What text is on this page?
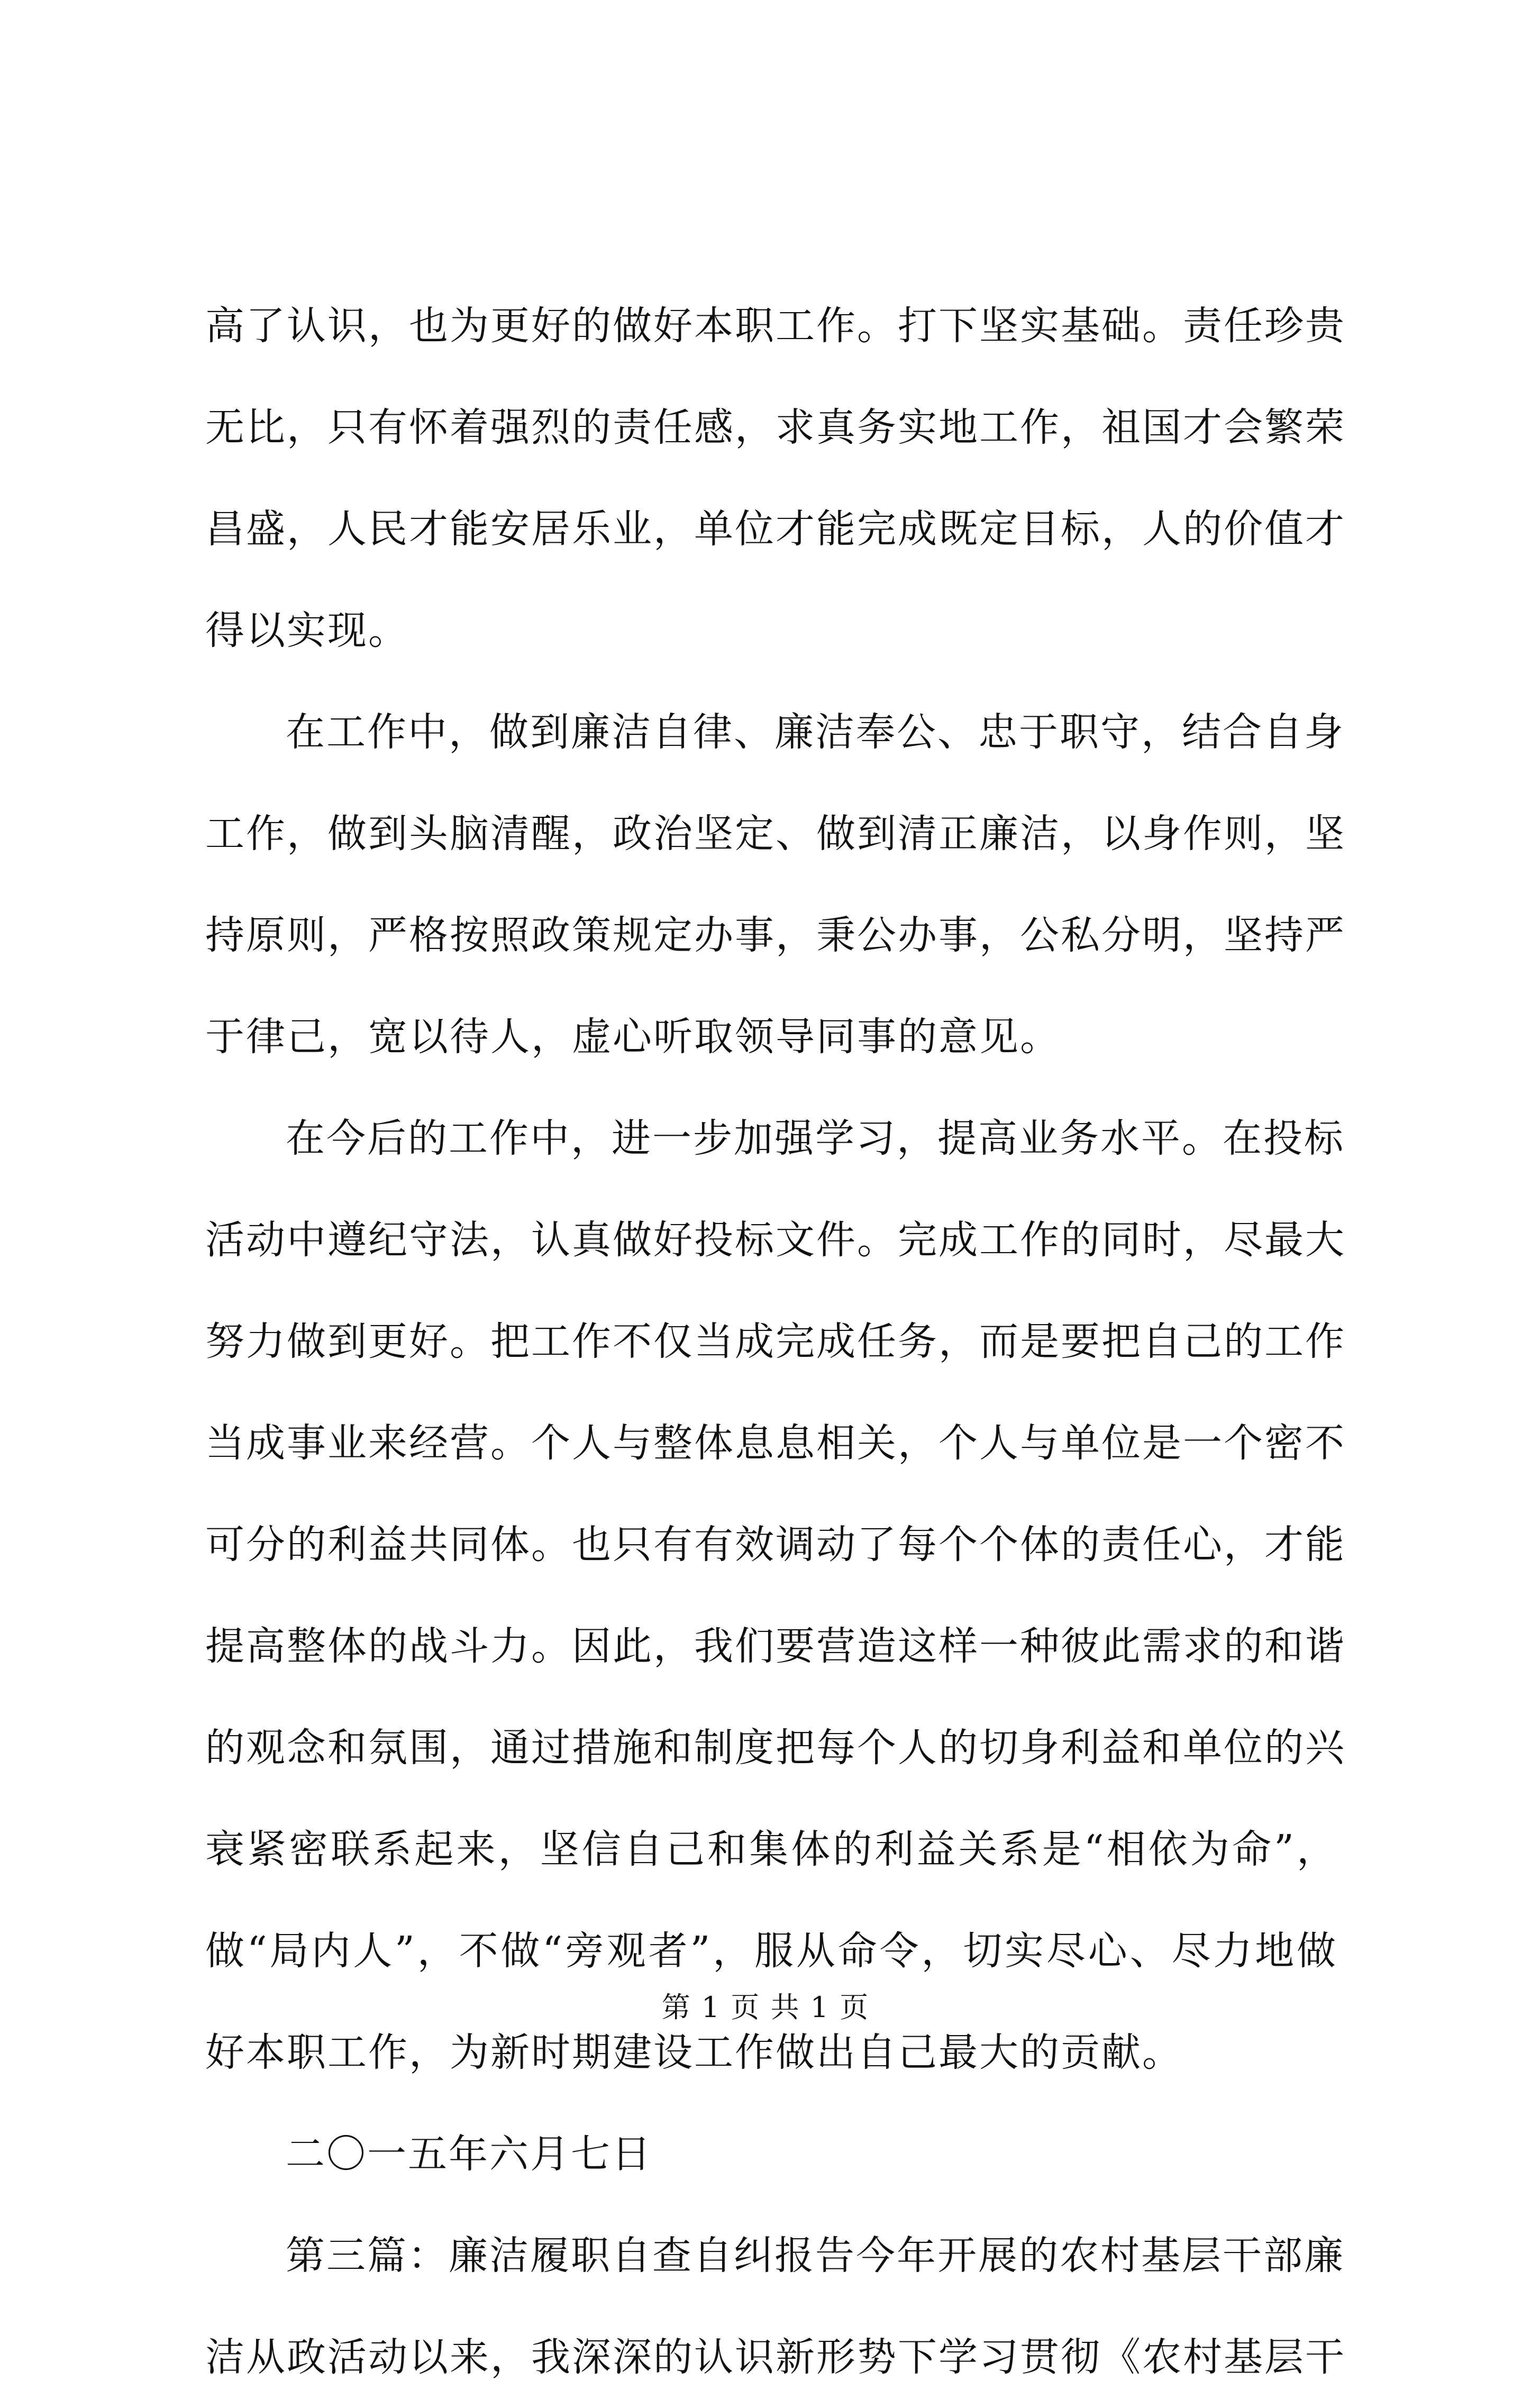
高了认识，也为更好的做好本职工作。打下坚实基础。责任珍贵
无比，只有怀着强烈的责任感，求真务实地工作，祖国才会繁荣
昌盛，人民才能安居乐业，单位才能完成既定目标，人的价值才
得以实现。
在工作中，做到廉洁自律、廉洁奉公、忠于职守，结合自身
工作，做到头脑清醒，政治坚定、做到清正廉洁，以身作则，坚
持原则，严格按照政策规定办事，秉公办事，公私分明，坚持严
于律己，宽以待人，虚心听取领导同事的意见。
在今后的工作中，进一步加强学习，提高业务水平。在投标
活动中遵纪守法，认真做好投标文件。完成工作的同时，尽最大
努力做到更好。把工作不仅当成完成任务，而是要把自己的工作
当成事业来经营。个人与整体息息相关，个人与单位是一个密不
可分的利益共同体。也只有有效调动了每个个体的责任心，才能
提高整体的战斗力。因此，我们要营造这样一种彼此需求的和谐
的观念和氛围，通过措施和制度把每个人的切身利益和单位的兴
衰紧密联系起来，坚信自己和集体的利益关系是“相依为命”，
做“局内人”，不做“旁观者”，服从命令，切实尽心、尽力地做
好本职工作，为新时期建设工作做出自己最大的贡献。
二〇一五年六月七日
第三篇：廉洁履职自查自纠报告今年开展的农村基层干部廉
洁从政活动以来，我深深的认识新形势下学习贯彻《农村基层干
第 1 页 共 1 页
